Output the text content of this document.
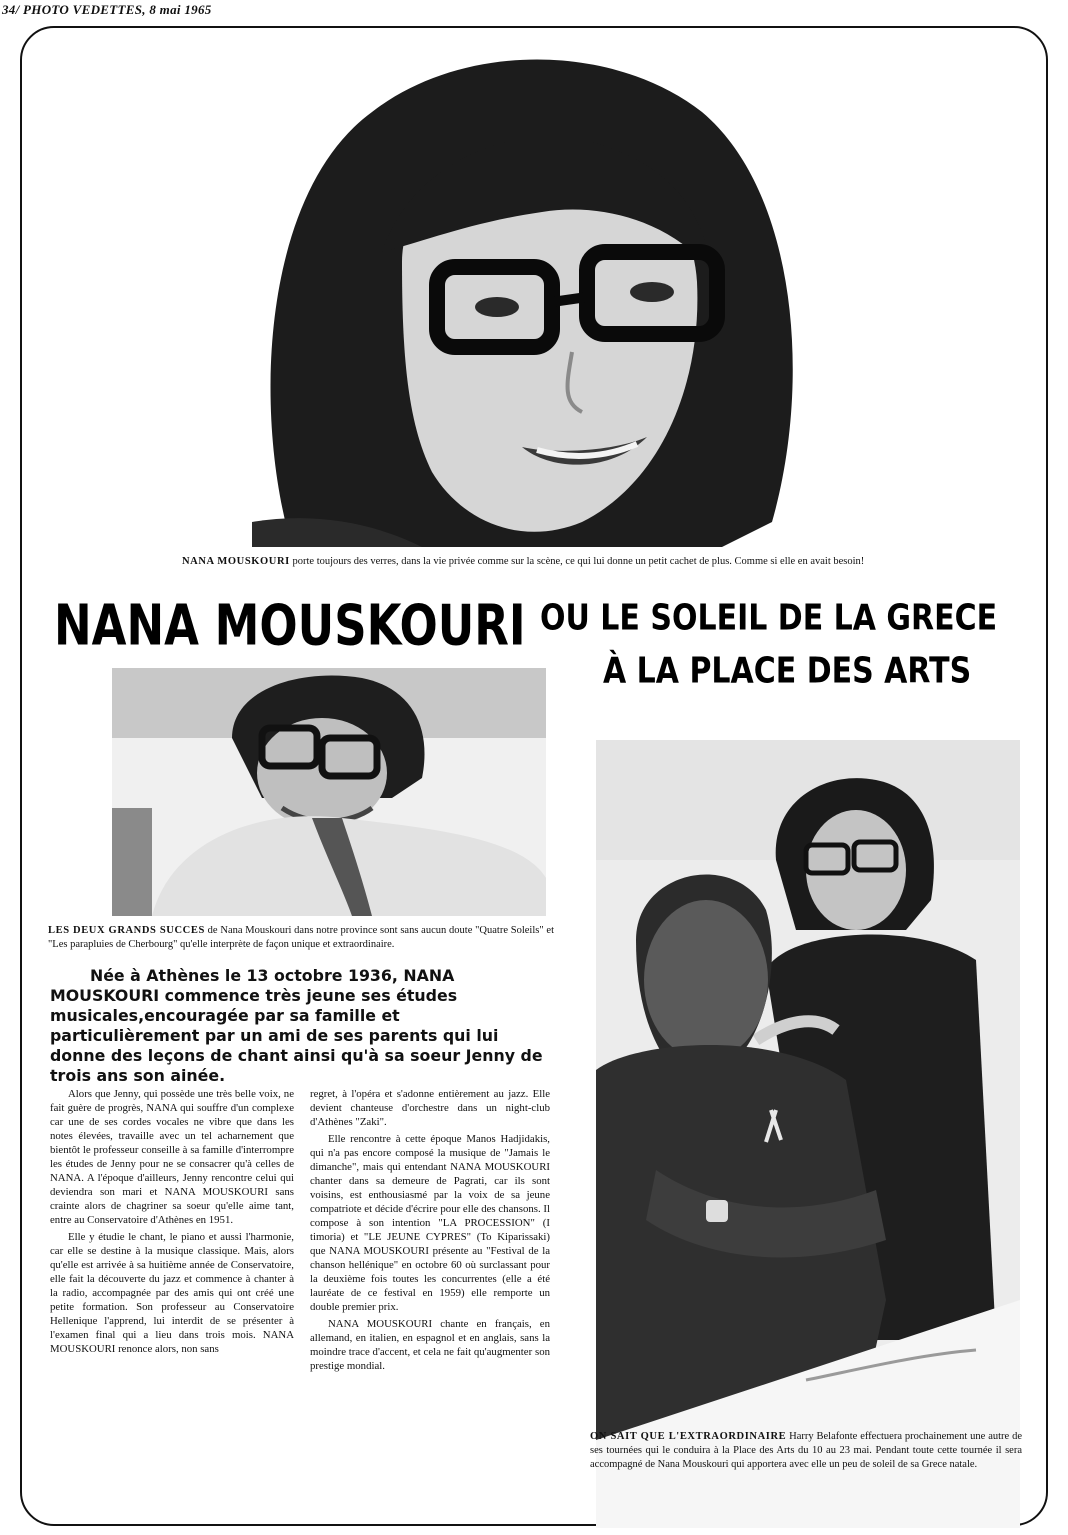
34/ PHOTO VEDETTES, 8 mai 1965
NANA MOUSKOURI porte toujours des verres, dans la vie privée comme sur la scène, ce qui lui donne un petit cachet de plus. Comme si elle en avait besoin!
NANA MOUSKOURI OU LE SOLEIL DE LA GRECE
À LA PLACE DES ARTS
LES DEUX GRANDS SUCCES de Nana Mouskouri dans notre province sont sans aucun doute "Quatre Soleils" et "Les parapluies de Cherbourg" qu'elle interprète de façon unique et extraordinaire.
Née à Athènes le 13 octobre 1936, NANA MOUSKOURI commence très jeune ses études musicales,encouragée par sa famille et particulièrement par un ami de ses parents qui lui donne des leçons de chant ainsi qu'à sa soeur Jenny de trois ans son ainée.

Alors que Jenny, qui possède une très belle voix, ne fait guère de progrès, NANA qui souffre d'un complexe car une de ses cordes vocales ne vibre que dans les notes élevées, travaille avec un tel acharnement que bientôt le professeur conseille à sa famille d'interrompre les études de Jenny pour ne se consacrer qu'à celles de NANA. A l'époque d'ailleurs, Jenny rencontre celui qui deviendra son mari et NANA MOUSKOURI sans crainte alors de chagriner sa soeur qu'elle aime tant, entre au Conservatoire d'Athènes en 1951.

Elle y étudie le chant, le piano et aussi l'harmonie, car elle se destine à la musique classique. Mais, alors qu'elle est arrivée à sa huitième année de Conservatoire, elle fait la découverte du jazz et commence à chanter à la radio, accompagnée par des amis qui ont créé une petite formation. Son professeur au Conservatoire Hellenique l'apprend, lui interdit de se présenter à l'examen final qui a lieu dans trois mois. NANA MOUSKOURI renonce alors, non sans

regret, à l'opéra et s'adonne entièrement au jazz. Elle devient chanteuse d'orchestre dans un night-club d'Athènes "Zaki".

Elle rencontre à cette époque Manos Hadjidakis, qui n'a pas encore composé la musique de "Jamais le dimanche", mais qui entendant NANA MOUSKOURI chanter dans sa demeure de Pagrati, car ils sont voisins, est enthousiasmé par la voix de sa jeune compatriote et décide d'écrire pour elle des chansons. Il compose à son intention "LA PROCESSION" (I timoria) et "LE JEUNE CYPRES" (To Kiparissaki) que NANA MOUSKOURI présente au "Festival de la chanson hellénique" en octobre 60 où surclassant pour la deuxième fois toutes les concurrentes (elle a été lauréate de ce festival en 1959) elle remporte un double premier prix.

NANA MOUSKOURI chante en français, en allemand, en italien, en espagnol et en anglais, sans la moindre trace d'accent, et cela ne fait qu'augmenter son prestige mondial.

ON SAIT QUE L'EXTRAORDINAIRE Harry Belafonte effectuera prochainement une autre de ses tournées qui le conduira à la Place des Arts du 10 au 23 mai. Pendant toute cette tournée il sera accompagné de Nana Mouskouri qui apportera avec elle un peu de soleil de sa Grece natale.
